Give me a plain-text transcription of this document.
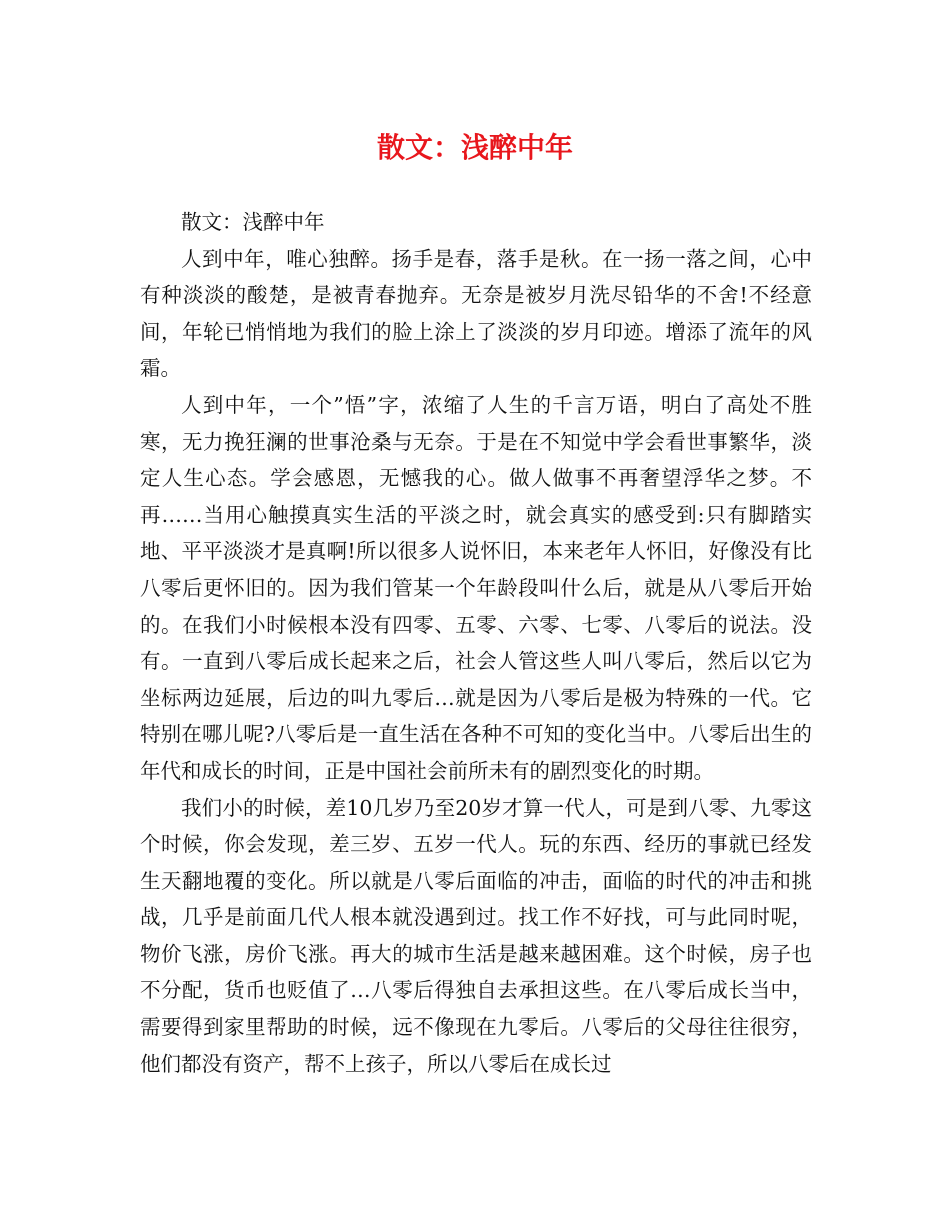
散文：浅醉中年

散文：浅醉中年

人到中年，唯心独醉。扬手是春，落手是秋。在一扬一落之间，心中有种淡淡的酸楚，是被青春抛弃。无奈是被岁月洗尽铅华的不舍!不经意间，年轮已悄悄地为我们的脸上涂上了淡淡的岁月印迹。增添了流年的风霜。

人到中年，一个”悟”字，浓缩了人生的千言万语，明白了高处不胜寒，无力挽狂澜的世事沧桑与无奈。于是在不知觉中学会看世事繁华，淡定人生心态。学会感恩，无憾我的心。做人做事不再奢望浮华之梦。不再……当用心触摸真实生活的平淡之时，就会真实的感受到:只有脚踏实地、平平淡淡才是真啊!所以很多人说怀旧，本来老年人怀旧，好像没有比八零后更怀旧的。因为我们管某一个年龄段叫什么后，就是从八零后开始的。在我们小时候根本没有四零、五零、六零、七零、八零后的说法。没有。一直到八零后成长起来之后，社会人管这些人叫八零后，然后以它为坐标两边延展，后边的叫九零后…就是因为八零后是极为特殊的一代。它特别在哪儿呢?八零后是一直生活在各种不可知的变化当中。八零后出生的年代和成长的时间，正是中国社会前所未有的剧烈变化的时期。

我们小的时候，差10几岁乃至20岁才算一代人，可是到八零、九零这个时候，你会发现，差三岁、五岁一代人。玩的东西、经历的事就已经发生天翻地覆的变化。所以就是八零后面临的冲击，面临的时代的冲击和挑战，几乎是前面几代人根本就没遇到过。找工作不好找，可与此同时呢，物价飞涨，房价飞涨。再大的城市生活是越来越困难。这个时候，房子也不分配，货币也贬值了…八零后得独自去承担这些。在八零后成长当中，需要得到家里帮助的时候，远不像现在九零后。八零后的父母往往很穷，他们都没有资产，帮不上孩子，所以八零后在成长过
